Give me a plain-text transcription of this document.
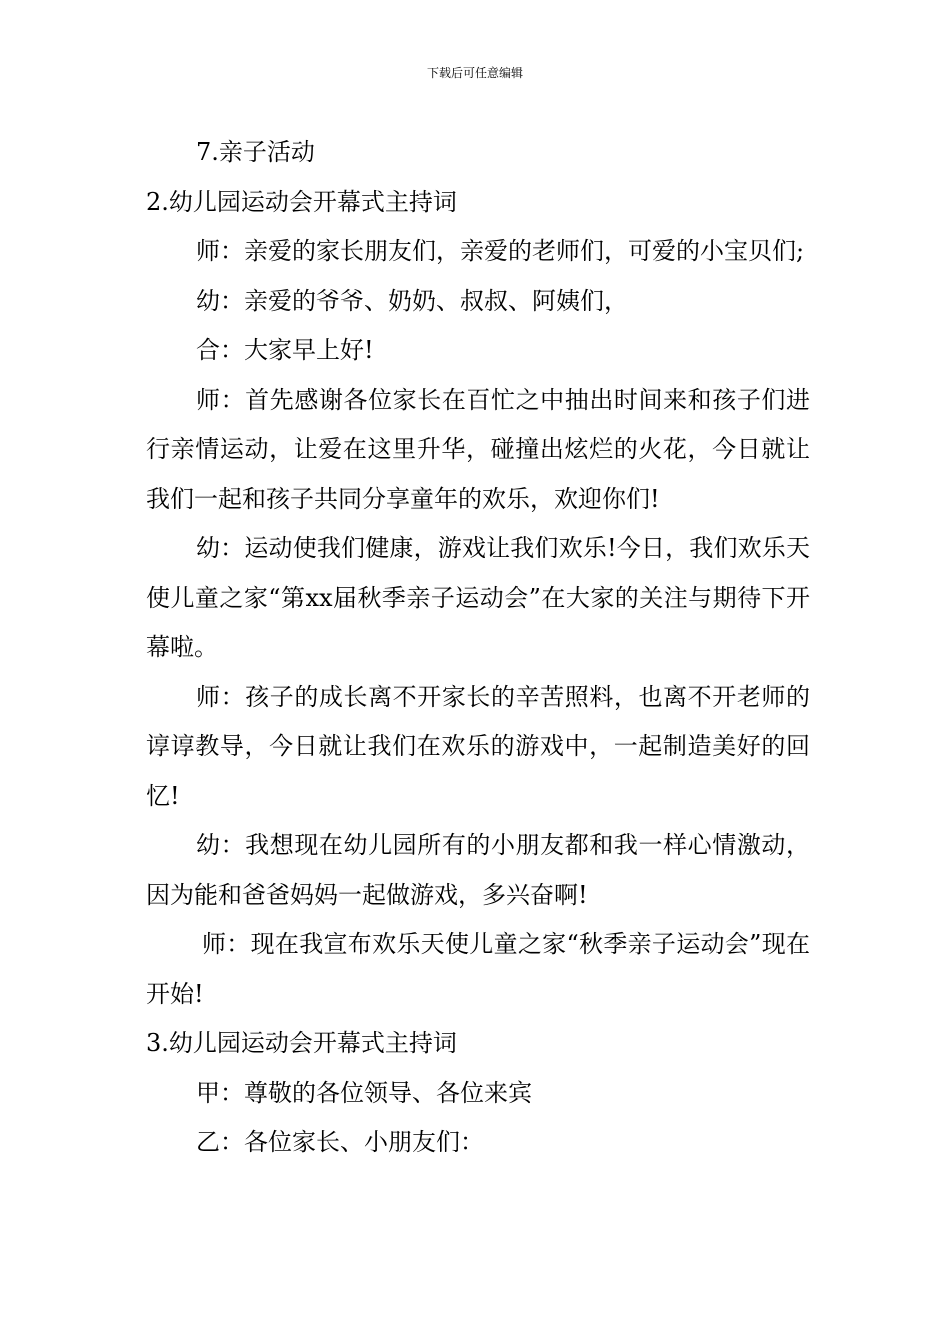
下载后可任意编辑

7.亲子活动

2.幼儿园运动会开幕式主持词

师：亲爱的家长朋友们，亲爱的老师们，可爱的小宝贝们;

幼：亲爱的爷爷、奶奶、叔叔、阿姨们，

合：大家早上好!

师：首先感谢各位家长在百忙之中抽出时间来和孩子们进行亲情运动，让爱在这里升华，碰撞出炫烂的火花，今日就让我们一起和孩子共同分享童年的欢乐，欢迎你们!

幼：运动使我们健康，游戏让我们欢乐!今日，我们欢乐天使儿童之家“第xx届秋季亲子运动会”在大家的关注与期待下开幕啦。

师：孩子的成长离不开家长的辛苦照料，也离不开老师的谆谆教导，今日就让我们在欢乐的游戏中，一起制造美好的回忆!

幼：我想现在幼儿园所有的小朋友都和我一样心情激动，因为能和爸爸妈妈一起做游戏，多兴奋啊!

师：现在我宣布欢乐天使儿童之家“秋季亲子运动会”现在开始!

3.幼儿园运动会开幕式主持词

甲：尊敬的各位领导、各位来宾

乙：各位家长、小朋友们：
